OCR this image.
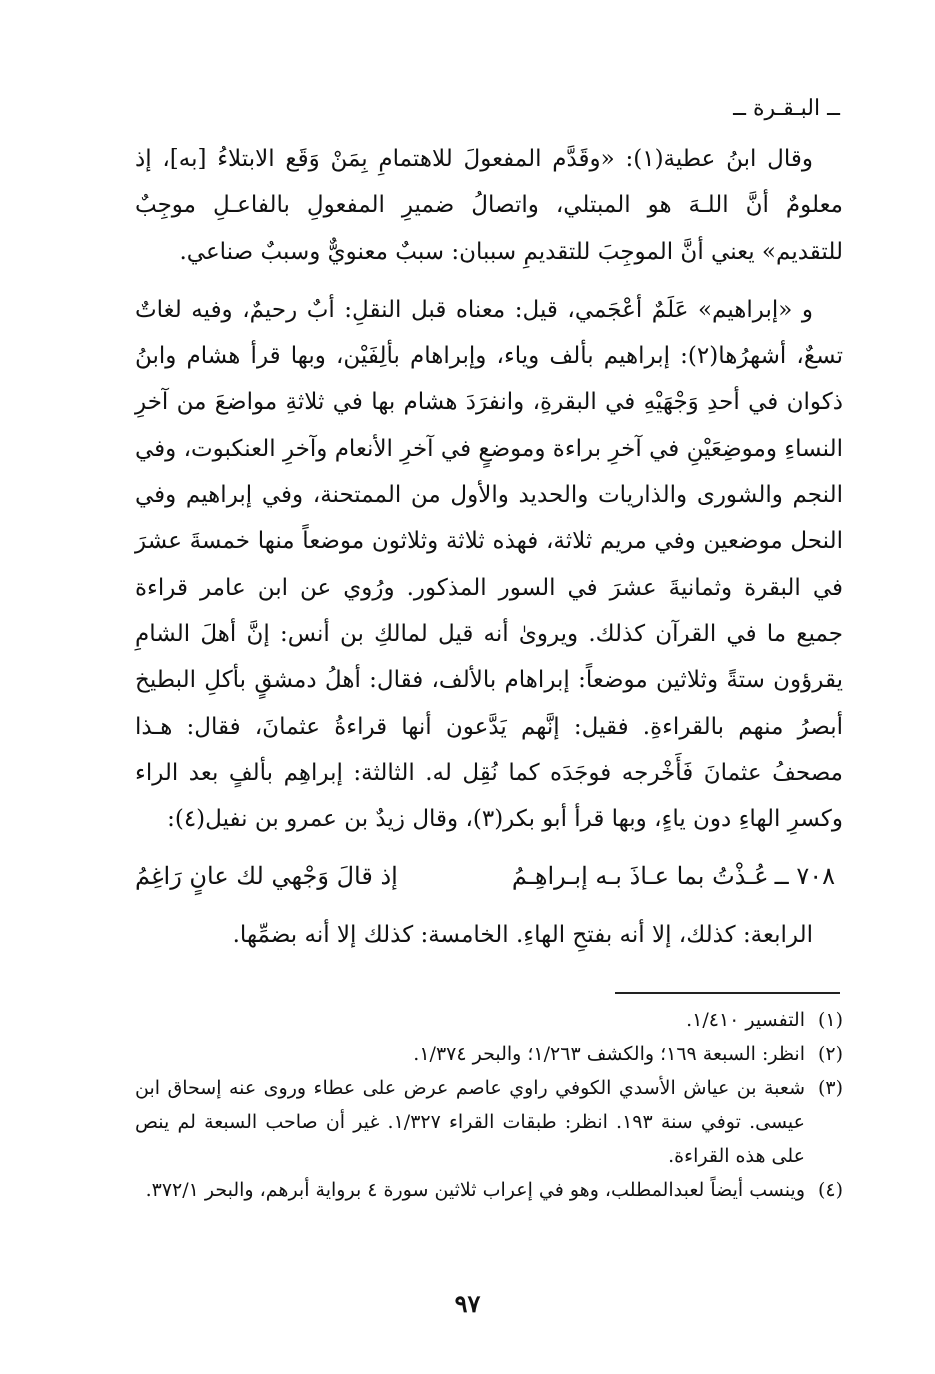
ــ البـقـرة ــ

وقال ابنُ عطية(١): «وقَدَّم المفعولَ للاهتمامِ بِمَنْ وَقَع الابتلاءُ [به]، إذ معلومٌ أنَّ اللـهَ هو المبتلي، واتصالُ ضميرِ المفعولِ بالفاعـلِ موجِبٌ للتقديم» يعني أنَّ الموجِبَ للتقديمِ سببان: سببٌ معنويٌّ وسببٌ صناعي.

و «إبراهيم» عَلَمٌ أعْجَمي، قيل: معناه قبل النقلِ: أبٌ رحيمٌ، وفيه لغاتٌ تسعٌ، أشهرُها(٢): إبراهيم بألف وياء، وإبراهام بألِفَيْن، وبها قرأ هشام وابنُ ذكوان في أحدِ وَجْهَيْهِ في البقرةِ، وانفرَدَ هشام بها في ثلاثةِ مواضعَ من آخرِ النساءِ وموضِعَيْنِ في آخرِ براءة وموضعٍ في آخرِ الأنعام وآخرِ العنكبوت، وفي النجم والشورى والذاريات والحديد والأول من الممتحنة، وفي إبراهيم وفي النحل موضعين وفي مريم ثلاثة، فهذه ثلاثة وثلاثون موضعاً منها خمسةَ عشرَ في البقرة وثمانيةَ عشرَ في السور المذكور. ورُوي عن ابن عامر قراءة جميع ما في القرآن كذلك. ويروىٰ أنه قيل لمالكِ بن أنس: إنَّ أهلَ الشامِ يقرؤون ستةً وثلاثين موضعاً: إبراهام بالألف، فقال: أهلُ دمشقٍ بأكلِ البطيخ أبصرُ منهم بالقراءةِ. فقيل: إنَّهم يَدَّعون أنها قراءةُ عثمانَ، فقال: هـذا مصحفُ عثمانَ فَأَخْرجه فوجَدَه كما نُقِل له. الثالثة: إبراهِم بألفٍ بعد الراء وكسرِ الهاءِ دون ياءٍ، وبها قرأ أبو بكر(٣)، وقال زيدٌ بن عمرو بن نفيل(٤):

٧٠٨ ــ
عُـذْتُ بما عـاذَ بـه إبـراهِـمُ
إذ قالَ وَجْهي لك عانٍ رَاغِمُ

الرابعة: كذلك، إلا أنه بفتحِ الهاءِ. الخامسة: كذلك إلا أنه بضمِّها.

(١)
التفسير ١/٤١٠.
(٢)
انظر: السبعة ١٦٩؛ والكشف ١/٢٦٣؛ والبحر ١/٣٧٤.
(٣)
شعبة بن عياش الأسدي الكوفي راوي عاصم عرض على عطاء وروى عنه إسحاق ابن عيسى. توفي سنة ١٩٣. انظر: طبقات القراء ١/٣٢٧. غير أن صاحب السبعة لم ينص على هذه القراءة.
(٤)
وينسب أيضاً لعبدالمطلب، وهو في إعراب ثلاثين سورة ٤ برواية أبرهم، والبحر ٣٧٢/١.
٩٧
